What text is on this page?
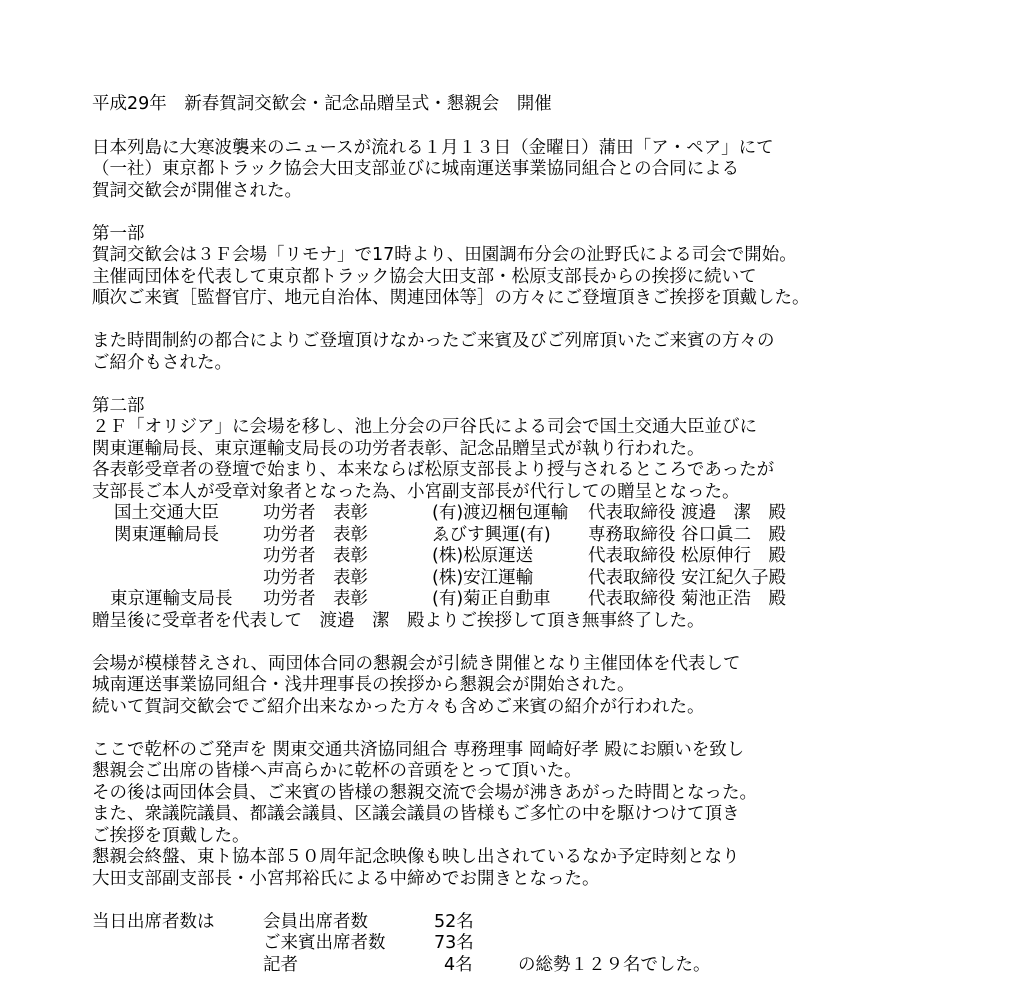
平成29年　新春賀詞交歓会・記念品贈呈式・懇親会　開催
日本列島に大寒波襲来のニュースが流れる１月１３日（金曜日）蒲田「ア・ペア」にて
（一社）東京都トラック協会大田支部並びに城南運送事業協同組合との合同による
賀詞交歓会が開催された。
第一部
賀詞交歓会は３Ｆ会場「リモナ」で17時より、田園調布分会の沚野氏による司会で開始。
主催両団体を代表して東京都トラック協会大田支部・松原支部長からの挨拶に続いて
順次ご来賓［監督官庁、地元自治体、関連団体等］の方々にご登壇頂きご挨拶を頂戴した。
また時間制約の都合によりご登壇頂けなかったご来賓及びご列席頂いたご来賓の方々の
ご紹介もされた。
第二部
２Ｆ「オリジア」に会場を移し、池上分会の戸谷氏による司会で国土交通大臣並びに
関東運輸局長、東京運輸支局長の功労者表彰、記念品贈呈式が執り行われた。
各表彰受章者の登壇で始まり、本来ならば松原支部長より授与されるところであったが
支部長ご本人が受章対象者となった為、小宮副支部長が代行しての贈呈となった。
国土交通大臣	功労者　表彰	(有)渡辺梱包運輸 代表取締役 渡邉　潔　殿
関東運輸局長	功労者　表彰	ゑびす興運(有) 専務取締役 谷口眞二　殿
功労者　表彰	(株)松原運送	代表取締役 松原伸行　殿
功労者　表彰	(株)安江運輸	代表取締役 安江紀久子殿
東京運輸支局長 功労者　表彰	(有)菊正自動車 代表取締役 菊池正浩　殿
贈呈後に受章者を代表して　渡邉　潔　殿よりご挨拶して頂き無事終了した。
会場が模様替えされ、両団体合同の懇親会が引続き開催となり主催団体を代表して
城南運送事業協同組合・浅井理事長の挨拶から懇親会が開始された。
続いて賀詞交歓会でご紹介出来なかった方々も含めご来賓の紹介が行われた。
ここで乾杯のご発声を 関東交通共済協同組合 専務理事 岡崎好孝 殿にお願いを致し
懇親会ご出席の皆様へ声高らかに乾杯の音頭をとって頂いた。
その後は両団体会員、ご来賓の皆様の懇親交流で会場が沸きあがった時間となった。
また、衆議院議員、都議会議員、区議会議員の皆様もご多忙の中を駆けつけて頂き
ご挨拶を頂戴した。
懇親会終盤、東ト協本部５０周年記念映像も映し出されているなか予定時刻となり
大田支部副支部長・小宮邦裕氏による中締めでお開きとなった。
当日出席者数は	会員出席者数	52名
ご来賓出席者数	73名
記者	4名	の総勢１２９名でした。
